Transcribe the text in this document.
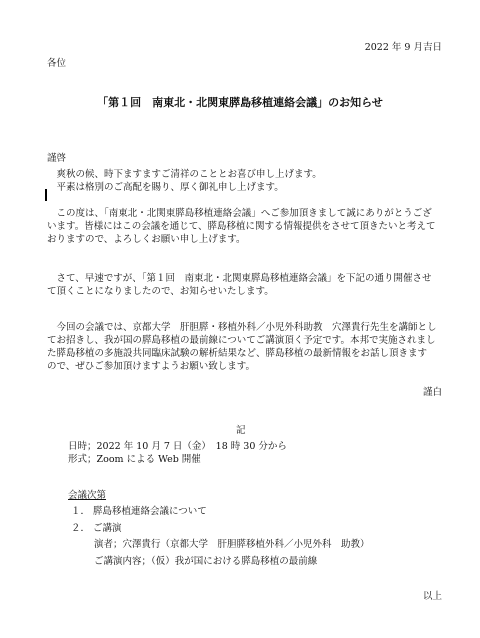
2022 年 9 月吉日
各位
「第１回　南東北・北関東膵島移植連絡会議」のお知らせ
謹啓

　爽秋の候、時下ますますご清祥のこととお喜び申し上げます。

　平素は格別のご高配を賜り、厚く御礼申し上げます。

　この度は、「南東北・北関東膵島移植連絡会議」へご参加頂きまして誠にありがとうござ

います。皆様にはこの会議を通じて、膵島移植に関する情報提供をさせて頂きたいと考えて

おりますので、よろしくお願い申し上げます。

　さて、早速ですが、「第１回　南東北・北関東膵島移植連絡会議」を下記の通り開催させ

て頂くことになりましたので、お知らせいたします。

　今回の会議では、京都大学　肝胆膵・移植外科／小児外科助教　穴澤貴行先生を講師とし

てお招きし、我が国の膵島移植の最前線についてご講演頂く予定です。本邦で実施されまし

た膵島移植の多施設共同臨床試験の解析結果など、膵島移植の最新情報をお話し頂きます

ので、ぜひご参加頂けますようお願い致します。

謹白
記

日時；2022 年 10 月 7 日（金）　18 時 30 分から

形式；Zoom による Web 開催

会議次第

１． 膵島移植連絡会議について

２． ご講演

演者；穴澤貴行（京都大学　肝胆膵移植外科／小児外科　助教）

ご講演内容；（仮）我が国における膵島移植の最前線

以上
